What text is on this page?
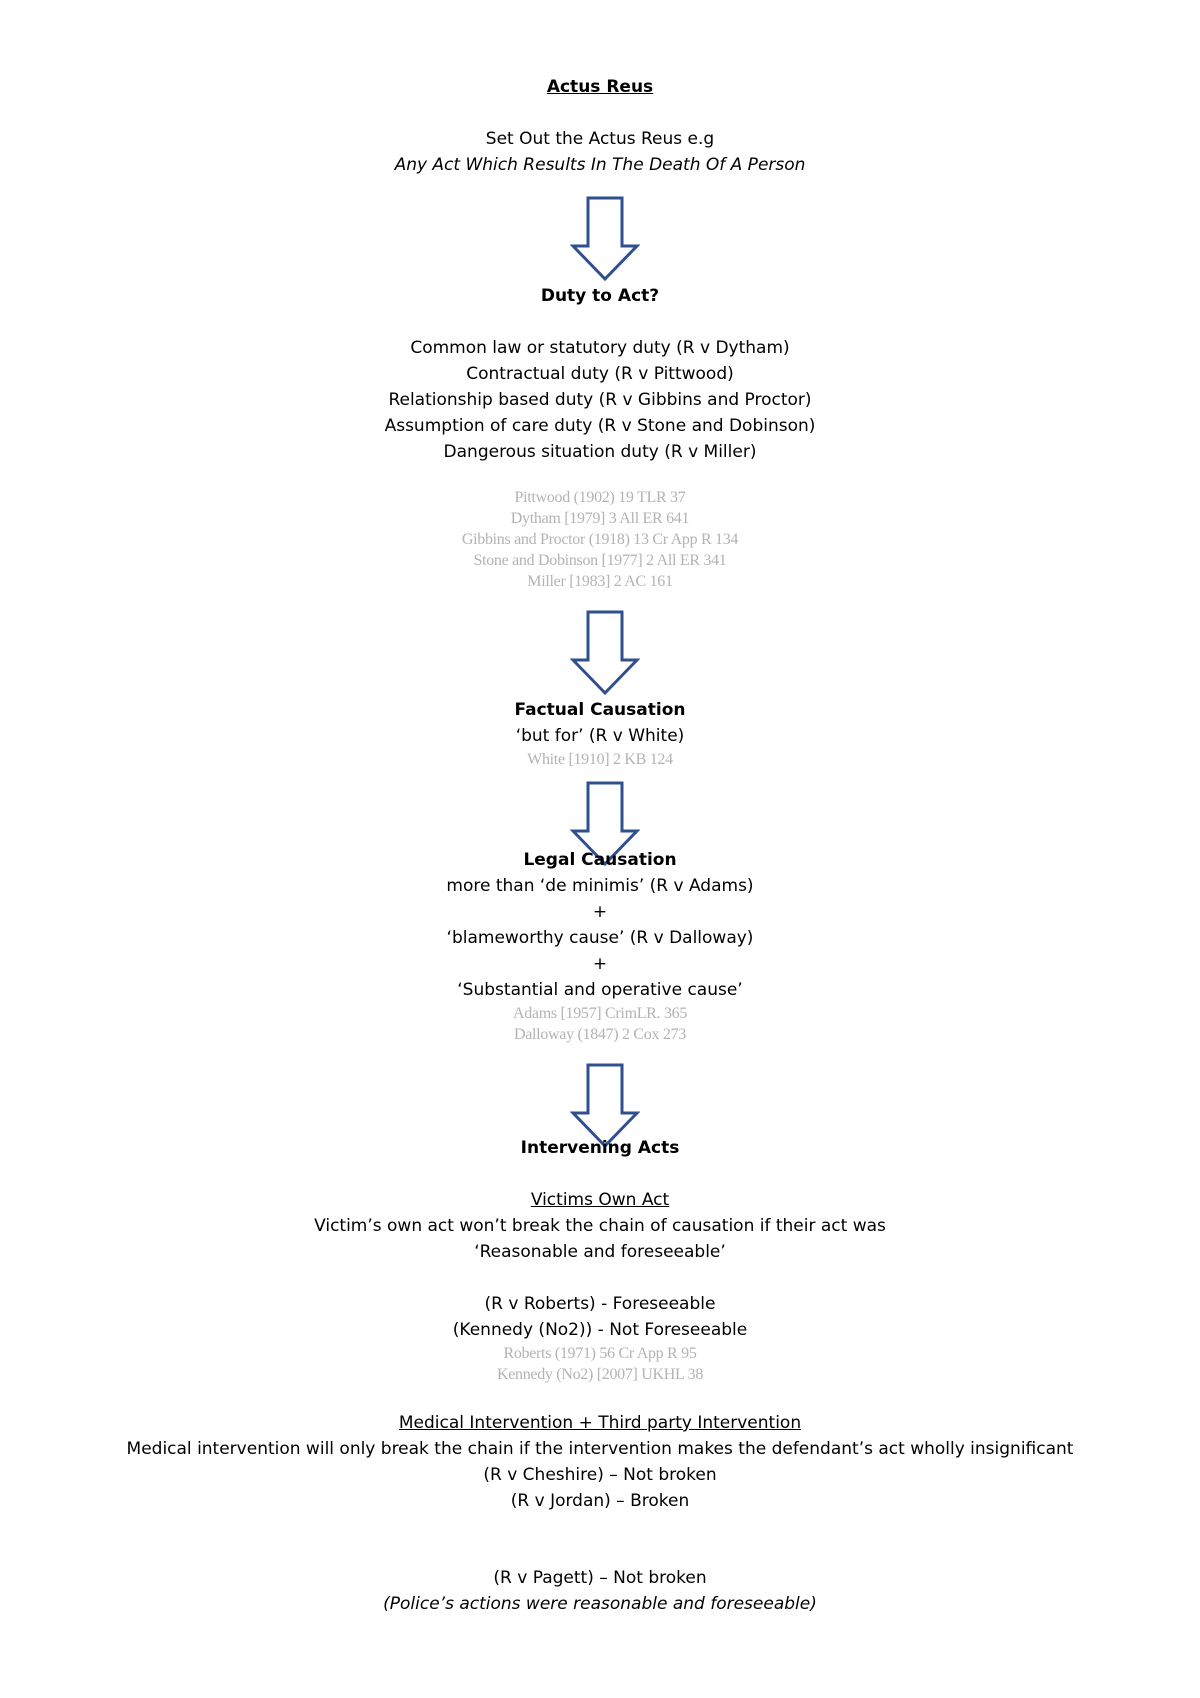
Actus Reus
Set Out the Actus Reus e.g
Any Act Which Results In The Death Of A Person
Duty to Act?
Common law or statutory duty (R v Dytham)
Contractual duty (R v Pittwood)
Relationship based duty (R v Gibbins and Proctor)
Assumption of care duty (R v Stone and Dobinson)
Dangerous situation duty (R v Miller)
Pittwood (1902) 19 TLR 37
Dytham [1979] 3 All ER 641
Gibbins and Proctor (1918) 13 Cr App R 134
Stone and Dobinson [1977] 2 All ER 341
Miller [1983] 2 AC 161
Factual Causation
‘but for’ (R v White)
White [1910] 2 KB 124
Legal Causation
more than ‘de minimis’ (R v Adams)
+
‘blameworthy cause’ (R v Dalloway)
+
‘Substantial and operative cause’
Adams [1957] CrimLR. 365
Dalloway (1847) 2 Cox 273
Intervening Acts
Victims Own Act
Victim’s own act won’t break the chain of causation if their act was
‘Reasonable and foreseeable’
(R v Roberts) - Foreseeable
(Kennedy (No2)) - Not Foreseeable
Roberts (1971) 56 Cr App R 95
Kennedy (No2) [2007] UKHL 38
Medical Intervention + Third party Intervention
Medical intervention will only break the chain if the intervention makes the defendant’s act wholly insignificant
(R v Cheshire) – Not broken
(R v Jordan) – Broken
(R v Pagett) – Not broken
(Police’s actions were reasonable and foreseeable)
